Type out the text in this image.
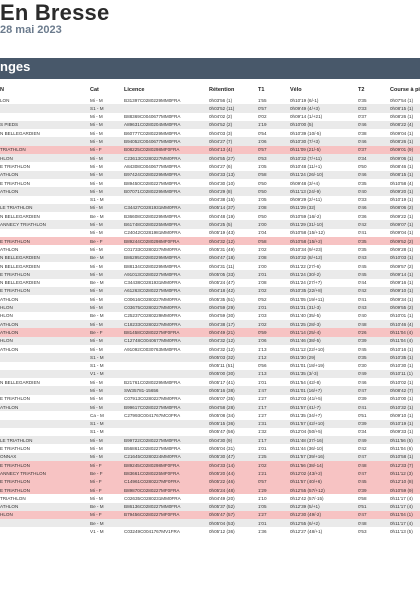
En Bresse
28 mai 2023
nges
N	Cat	Licence	Rétention	T1	Vélo	T2	Course à pi
LON	Mi - M	B31397C0280229MM0FRA	0h03'56 (1)	1'55	0h10'19 (6/-1)	0'35	0h07'54 (1)
S1 - M	0h03'52 (11)	0'57	0h09'49 (4/+3)	0'33	0h08'15 (1)
Mi - M	B88369C0040677MM0FRA	0h04'02 (2)	0'02	0h09'14 (1/+21)	0'37	0h08'26 (1)
S PIEDS	Mi - M	A89631C0280204MM0FRA	0h04'52 (2)	1'19	0h10'00 (5)	0'46	0h08'22 (4)
N BELLEGARDIEN	Mi - M	B60777C0280229MM0FRA	0h04'03 (3)	0'54	0h10'39 (10/-5)	0'38	0h09'04 (1)
Mi - M	B94052C0040677MM0FRA	0h04'27 (7)	1'06	0h10'30 (7/+3)	0'46	0h08'26 (1)
TRIATHLON	Mi - F	B08225C0280298MF0FRA	0h04'13 (4)	0'57	0h11'09 (21/-5)	0'37	0h09'01 (9)
HLON	Mi - M	C23613C0280227MM0FRA	0h04'55 (27)	0'53	0h10'32 (7/+11)	0'34	0h09'06 (1)
E TRIATHLON	Mi - M	A84308C0040677MM0FRA	0h04'27 (6)	1'05	0h10'48 (11/+1)	0'50	0h08'46 (1)
ATHLON	Mi - M	B97424C0280229MM0FRA	0h04'33 (13)	0'58	0h11'24 (26/-10)	0'46	0h08'15 (1)
E TRIATHLON	Mi - M	B89450C0280227MM0FRA	0h04'30 (10)	0'50	0h09'48 (3/+4)	0'35	0h10'58 (4)
ATHLON	Mi - M	B07071C0280229MM0FRA	0h04'29 (8)	0'50	0h11'13 (24/-9)	0'40	0h09'20 (1)
S1 - M	0h04'38 (15)	1'05	0h09'29 (2/+11)	0'33	0h10'19 (1)
LE TRIATHLON	Mi - M	C34427C0281931MM0FRA	0h05'14 (37)	1'08	0h11'29 (32)	0'46	0h08'06 (2)
N BELLEGARDIEN	Be - M	B36608C0280229MM0FRA	0h04'48 (19)	0'50	0h10'59 (16/-2)	0'36	0h09'22 (1)
ANNECY TRIATHLON	Mi - M	B61748C0280225MM0FRA	0h04'25 (5)	1'00	0h11'29 (31/-10)	0'42	0h09'07 (1)
Mi - M	C24042C0281981MM0FRA	0h05'19 (43)	1'04	0h10'58 (15/+12)	0'41	0h09'04 (1)
E TRIATHLON	Be - F	B89244C0280298MF0FRA	0h04'32 (12)	0'58	0h10'58 (15/+2)	0'35	0h09'52 (2)
ATHLON	Mi - M	C01733C0280227MM0FRA	0h05'31 (49)	1'02	0h10'34 (9/+23)	0'35	0h09'28 (1)
N BELLEGARDIEN	Be - M	B86295C0280229MM0FRA	0h04'47 (18)	1'08	0h10'32 (8/+12)	0'43	0h10'03 (1)
N BELLEGARDIEN	Mi - M	B88134C0280229MM0FRA	0h04'31 (11)	1'00	0h11'22 (27/-6)	0'45	0h09'57 (2)
E TRIATHLON	Mi - M	A91013C0280227MM0FRA	0h05'05 (33)	1'01	0h11'24 (30/-2)	0'45	0h09'14 (1)
N BELLEGARDIEN	Be - M	C34438C0281931MM0FRA	0h05'24 (47)	1'08	0h11'24 (27/+7)	0'44	0h09'16 (1)
E TRIATHLON	Mi - M	A61263C0280227MM0FRA	0h04'18 (42)	1'02	0h10'35 (22/+8)	0'42	0h09'10 (1)
ATHLON	Mi - M	C00616C0280227MM0FRA	0h05'35 (51)	0'52	0h11'05 (19/+11)	0'41	0h09'34 (1)
HLON	Mi - M	C03675C0280227MM0FRA	0h04'59 (29)	1'01	0h11'31 (31/-3)	0'43	0h09'55 (2)
HLON	Be - M	C25237C0280229MM0FRA	0h04'59 (30)	1'03	0h11'40 (35/-5)	0'40	0h10'01 (1)
ATHLON	Mi - M	C18233C0280227MM0FRA	0h04'38 (17)	1'02	0h11'25 (28/-3)	0'48	0h10'46 (4)
ATHLON	Be - F	B81458C0280227MF0FRA	0h04'49 (21)	0'59	0h11'14 (25/-4)	0'26	0h11'04 (4)
HLON	Mi - M	C12748C0040677MM0FRA	0h04'32 (12)	1'06	0h11'46 (38/-5)	0'39	0h11'04 (4)
ATHLON	Mi - M	A91092C0030763MM0FRA	0h04'32 (12)	1'13	0h11'12 (22/+10)	0'45	0h10'16 (1)
S1 - M	0h05'03 (32)	1'12	0h11'30 (29)	0'35	0h10'35 (1)
S1 - M	0h05'11 (51)	0'56	0h11'01 (18/+19)	0'30	0h10'30 (1)
V1 - M	0h05'00 (30)	1'13	0h11'35 (3/-3)	0'49	0h10'11 (1)
N BELLEGARDIEN	Mi - M	B21761C0280229MM0FRA	0h05'17 (41)	1'01	0h11'54 (42/-8)	0'46	0h10'02 (1)
Mi - M	SW35781-15656	0h05'16 (38)	1'47	0h11'01 (16/+7)	0'47	0h08'42 (7)
E TRIATHLON	Mi - M	C07913C0280227MM0FRA	0h05'07 (35)	1'27	0h12'03 (41/+5)	0'39	0h10'00 (1)
ATHLON	Mi - M	B99617C0280227MM0FRA	0h04'58 (28)	1'17	0h11'57 (41/-7)	0'41	0h10'32 (1)
Ca - M	C27993C0041767MC0FRA	0h05'08 (34)	1'27	0h11'35 (34/+7)	0'51	0h09'10 (1)
S1 - M	0h05'15 (36)	1'31	0h11'57 (42/+10)	0'39	0h10'19 (1)
S1 - M	0h05'47 (56)	1'32	0h12'04 (50/+5)	0'34	0h09'33 (1)
LE TRIATHLON	Mi - M	B99722C0280227MM0FRA	0h04'30 (9)	1'17	0h11'48 (37/-16)	0'49	0h11'56 (5)
E TRIATHLON	Mi - M	B56861C0280227MM0FRA	0h05'04 (31)	1'01	0h11'44 (36/-10)	0'42	0h11'04 (6)
ONNAX	Mi - M	C21645C0280224MM0FRA	0h05'30 (47)	1'25	0h11'57 (39/+16)	0'47	0h10'58 (1)
E TRIATHLON	Mi - F	B89245C0280298MF0FRA	0h04'33 (14)	1'02	0h11'56 (38/-14)	0'48	0h12'33 (7)
ANNECY TRIATHLON	Be - F	B83661C0280225MF0FRA	0h05'20 (44)	1'21	0h12'02 (43/+2)	0'47	0h11'12 (3)
E TRIATHLON	Mi - F	C14961C0280227MF0FRA	0h05'22 (46)	0'57	0h11'57 (40/+6)	0'45	0h12'10 (8)
E TRIATHLON	Mi - F	B89870C0280227MF0FRA	0h05'24 (48)	1'29	0h12'55 (57/+12)	0'39	0h10'59 (9)
TRIATHLON	Mi - M	C02635C0280231MM0FRA	0h04'49 (20)	1'10	0h12'42 (57/-15)	0'58	0h11'17 (4)
ATHLON	Be - M	B86136C0280227MM0FRA	0h05'37 (52)	1'05	0h12'39 (5/+1)	0'51	0h11'17 (4)
HLON	Mi - F	B79456C0280227MF0FRA	0h05'47 (57)	1'27	0h12'30 (49/-2)	0'47	0h11'04 (1)
Be - M	0h05'04 (53)	1'01	0h12'55 (6/+2)	0'48	0h11'17 (4)
V1 - M	C03249C0041767MV1FRA	0h05'12 (36)	1'36	0h12'27 (48/+1)	0'53	0h11'13 (5)
